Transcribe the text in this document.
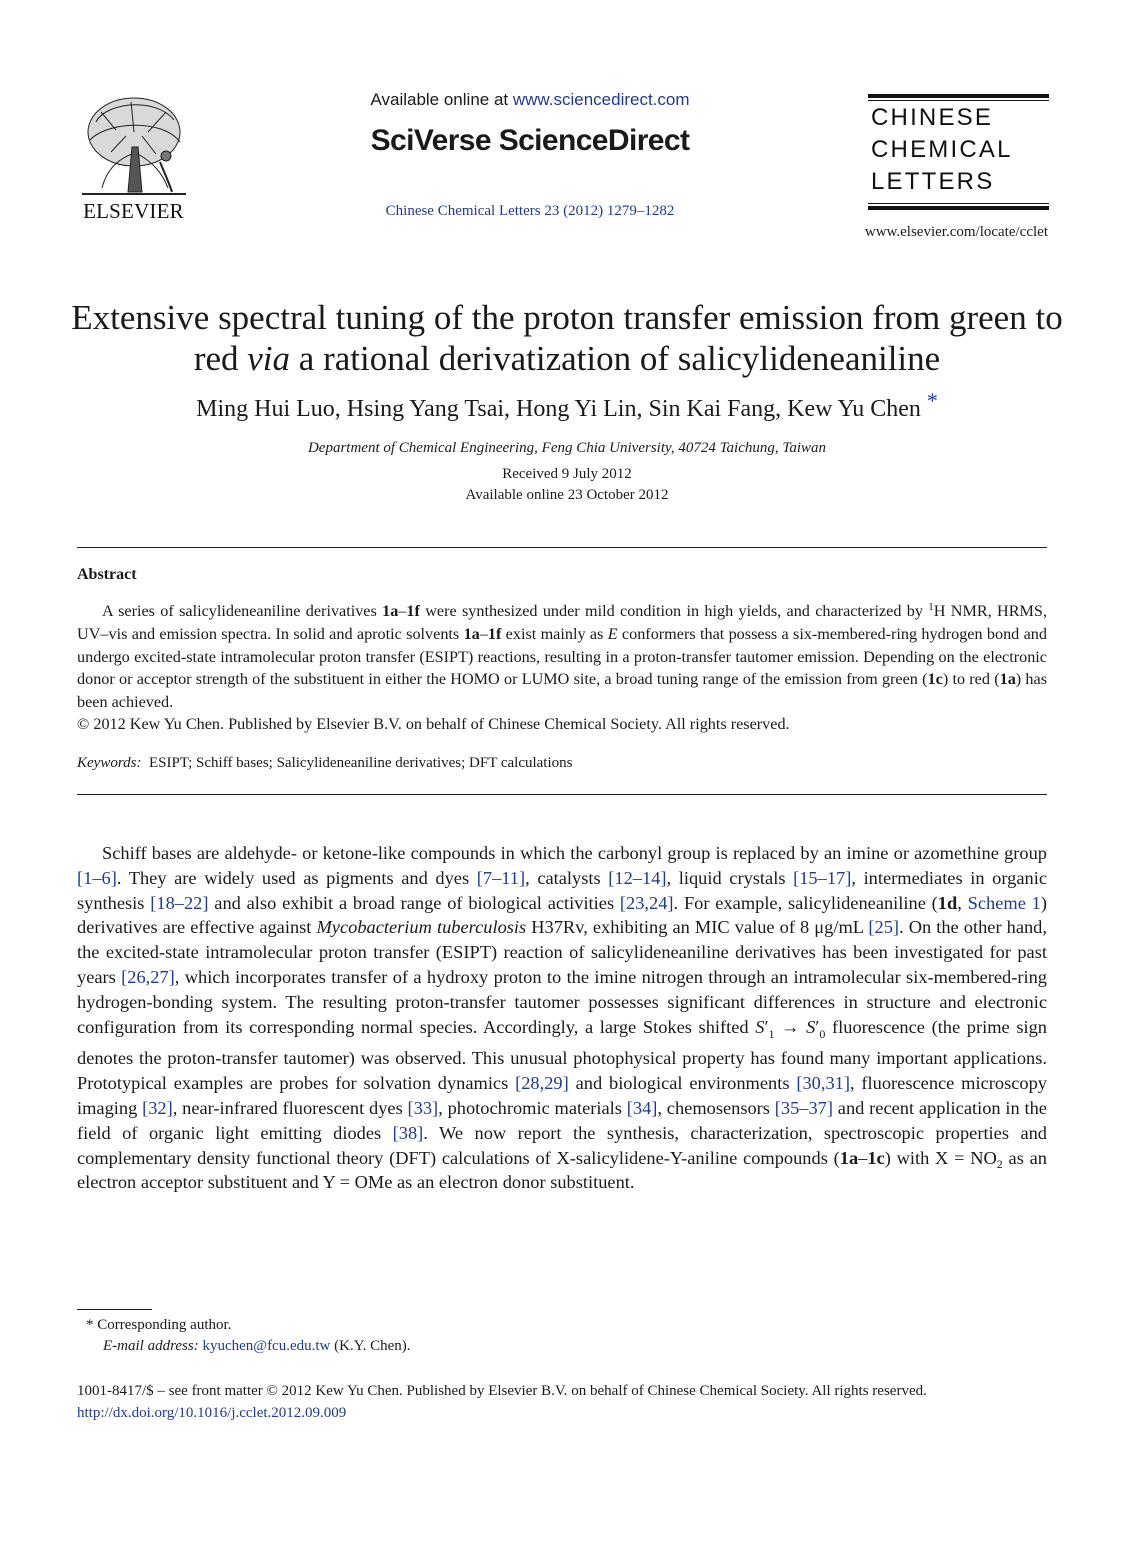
ELSEVIER
Available online at www.sciencedirect.com
SciVerse ScienceDirect
Chinese Chemical Letters 23 (2012) 1279–1282
CHINESE
CHEMICAL
LETTERS
www.elsevier.com/locate/cclet
Extensive spectral tuning of the proton transfer emission from green to red via a rational derivatization of salicylideneaniline
Ming Hui Luo, Hsing Yang Tsai, Hong Yi Lin, Sin Kai Fang, Kew Yu Chen *
Department of Chemical Engineering, Feng Chia University, 40724 Taichung, Taiwan
Received 9 July 2012
Available online 23 October 2012
Abstract
A series of salicylideneaniline derivatives 1a–1f were synthesized under mild condition in high yields, and characterized by $^1$H NMR, HRMS, UV–vis and emission spectra. In solid and aprotic solvents 1a–1f exist mainly as E conformers that possess a six-membered-ring hydrogen bond and undergo excited-state intramolecular proton transfer (ESIPT) reactions, resulting in a proton-transfer tautomer emission. Depending on the electronic donor or acceptor strength of the substituent in either the HOMO or LUMO site, a broad tuning range of the emission from green (1c) to red (1a) has been achieved.
© 2012 Kew Yu Chen. Published by Elsevier B.V. on behalf of Chinese Chemical Society. All rights reserved.
Keywords: ESIPT; Schiff bases; Salicylideneaniline derivatives; DFT calculations
Schiff bases are aldehyde- or ketone-like compounds in which the carbonyl group is replaced by an imine or azomethine group [1–6]. They are widely used as pigments and dyes [7–11], catalysts [12–14], liquid crystals [15–17], intermediates in organic synthesis [18–22] and also exhibit a broad range of biological activities [23,24]. For example, salicylideneaniline (1d, Scheme 1) derivatives are effective against Mycobacterium tuberculosis H37Rv, exhibiting an MIC value of 8 μg/mL [25]. On the other hand, the excited-state intramolecular proton transfer (ESIPT) reaction of salicylideneaniline derivatives has been investigated for past years [26,27], which incorporates transfer of a hydroxy proton to the imine nitrogen through an intramolecular six-membered-ring hydrogen-bonding system. The resulting proton-transfer tautomer possesses significant differences in structure and electronic configuration from its corresponding normal species. Accordingly, a large Stokes shifted $S'_1 \to S'_0$ fluorescence (the prime sign denotes the proton-transfer tautomer) was observed. This unusual photophysical property has found many important applications. Prototypical examples are probes for solvation dynamics [28,29] and biological environments [30,31], fluorescence microscopy imaging [32], near-infrared fluorescent dyes [33], photochromic materials [34], chemosensors [35–37] and recent application in the field of organic light emitting diodes [38]. We now report the synthesis, characterization, spectroscopic properties and complementary density functional theory (DFT) calculations of X-salicylidene-Y-aniline compounds (1a–1c) with $X = NO_2$ as an electron acceptor substituent and Y = OMe as an electron donor substituent.
* Corresponding author.
E-mail address: kyuchen@fcu.edu.tw (K.Y. Chen).
1001-8417/$ – see front matter © 2012 Kew Yu Chen. Published by Elsevier B.V. on behalf of Chinese Chemical Society. All rights reserved.
http://dx.doi.org/10.1016/j.cclet.2012.09.009
